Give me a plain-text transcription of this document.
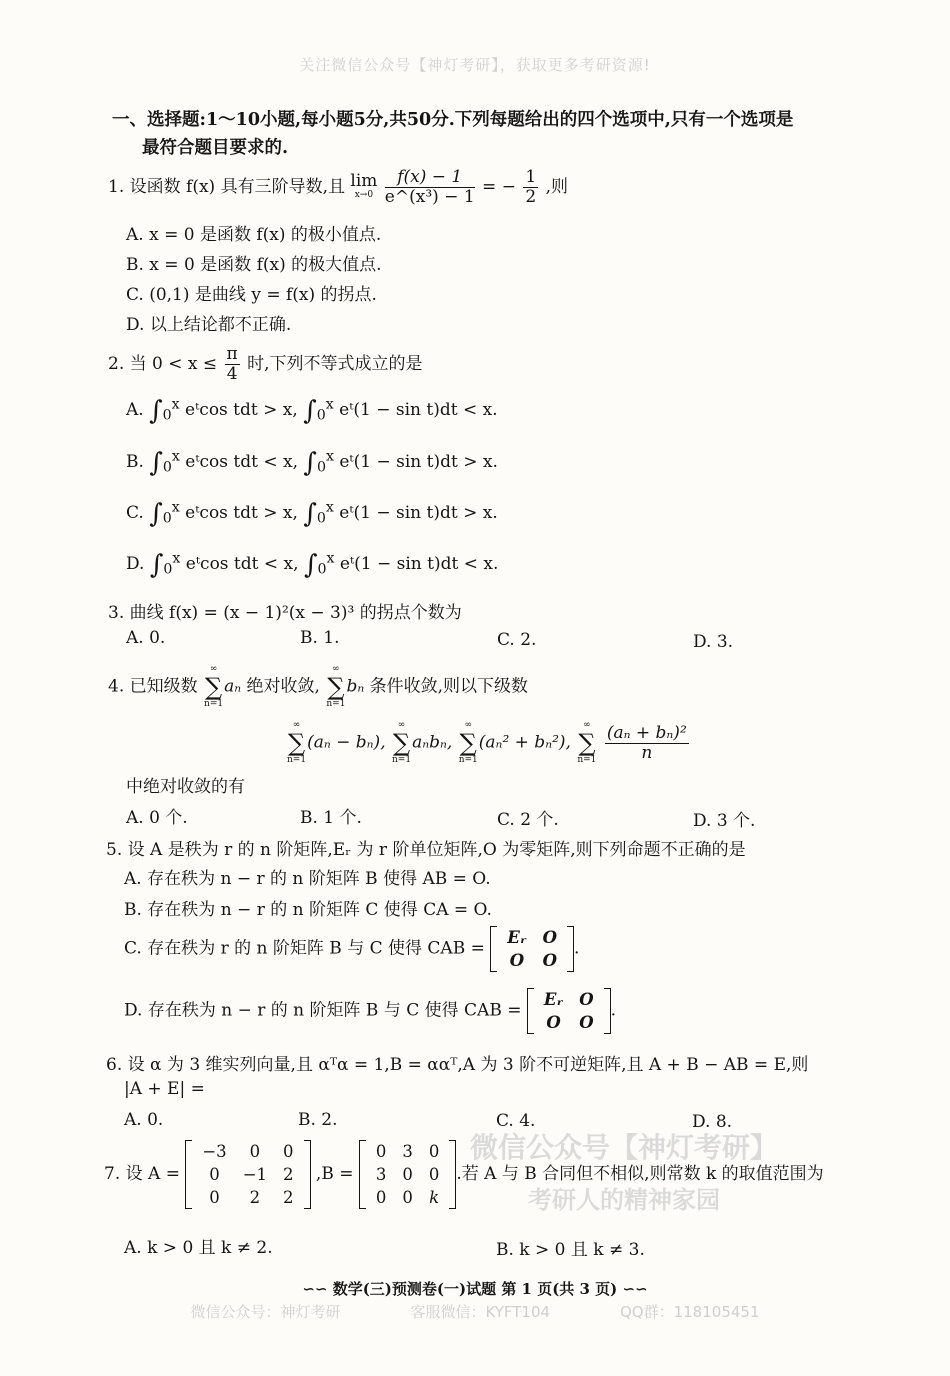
关注微信公众号【神灯考研】，获取更多考研资源!
一、选择题:1～10小题,每小题5分,共50分.下列每题给出的四个选项中,只有一个选项是
最符合题目要求的.
1. 设函数 f(x) 具有三阶导数,且 lim
x→0
$\frac{f(x) - 1}{\text{e\textasciicircum{}(x³) − 1}}$ = − $\frac{1}{2}$ ,则
A. x = 0 是函数 f(x) 的极小值点.
B. x = 0 是函数 f(x) 的极大值点.
C. (0,1) 是曲线 y = f(x) 的拐点.
D. 以上结论都不正确.
2. 当 $0 < x \le \frac{\pi}{4}$ 时,下列不等式成立的是
A. $\int_0^x$ eᵗcos tdt > x, $\int_0^x$ eᵗ(1 − sin t)dt < x.
B. $\int_0^x$ eᵗcos tdt < x, $\int_0^x$ eᵗ(1 − sin t)dt > x.
C. $\int_0^x$ eᵗcos tdt > x, $\int_0^x$ eᵗ(1 − sin t)dt > x.
D. $\int_0^x$ eᵗcos tdt < x, $\int_0^x$ eᵗ(1 − sin t)dt < x.
3. 曲线 f(x) = (x − 1)²(x − 3)³ 的拐点个数为
A. 0.	B. 1.	C. 2.	D. 3.
4. 已知级数
∞
∑
n=1
aₙ 绝对收敛,
∞
∑
n=1
bₙ 条件收敛,则以下级数
∞
∑
n=1
(aₙ − bₙ),
∞
∑
n=1
aₙbₙ,
∞
∑
n=1
(aₙ² + bₙ²),
∞
∑
n=1
$\frac{\text{(aₙ + bₙ)²}}{n}$
中绝对收敛的有
A. 0 个.	B. 1 个.	C. 2 个.	D. 3 个.
5. 设 A 是秩为 r 的 n 阶矩阵,Eᵣ 为 r 阶单位矩阵,O 为零矩阵,则下列命题不正确的是
A. 存在秩为 n − r 的 n 阶矩阵 B 使得 AB = O.
B. 存在秩为 n − r 的 n 阶矩阵 C 使得 CA = O.
C. 存在秩为 r 的 n 阶矩阵 B 与 C 使得 CAB =
Eᵣ	O
O	O
.
D. 存在秩为 n − r 的 n 阶矩阵 B 与 C 使得 CAB =
Eᵣ	O
O	O
.
6. 设 α 为 3 维实列向量,且 αᵀα = 1,B = ααᵀ,A 为 3 阶不可逆矩阵,且 A + B − AB = E,则
|A + E| =
A. 0.	B. 2.	C. 4.	D. 8.
微信公众号【神灯考研】
考研人的精神家园
7. 设 A =
−3	0	0
0	−1	2
0	2	2
,B =
0	3	0
3	0	0
0	0	k
.若 A 与 B 合同但不相似,则常数 k 的取值范围为
A. k > 0 且 k ≠ 2.	B. k > 0 且 k ≠ 3.
∽∽ 数学(三)预测卷(一)试题 第 1 页(共 3 页) ∽∽
微信公众号：神灯考研	客服微信：KYFT104	QQ群：118105451
